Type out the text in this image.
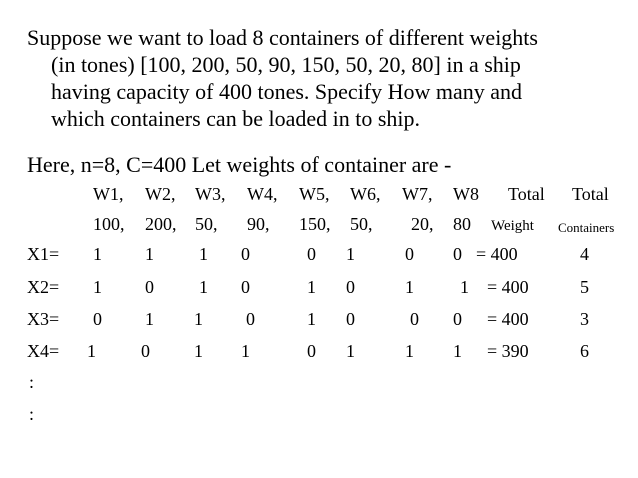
Suppose we want to load 8 containers of different weights
(in tones) [100, 200, 50, 90, 150, 50, 20, 80] in a ship
having capacity of 400 tones. Specify How many and
which containers can be loaded in to ship.
Here, n=8, C=400 Let weights of container are -
W1, W2, W3, W4, W5, W6, W7, W8 Total Total
100, 200, 50, 90, 150, 50, 20, 80 Weight Containers
X1= 1 1	1 0	0 1	0 0 = 400	4
X2= 1 0	1 0	1 0	1	1 = 400	5
X3= 0 1 1 0	1 0	0 0 = 400	3
X4= 1	0 1 1	0 1	1 1 = 390	6
:
:
